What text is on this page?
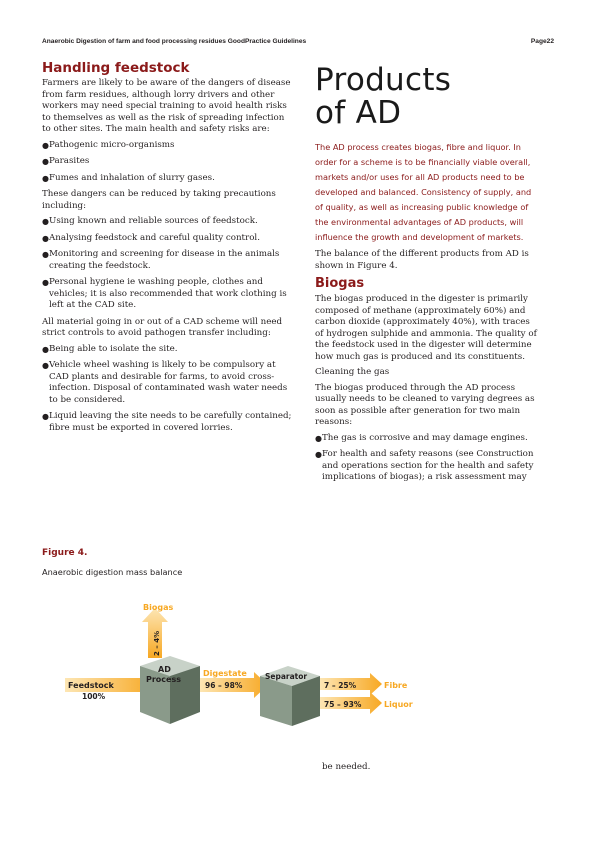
Anaerobic Digestion of farm and food processing residues GoodPractice Guidelines	Page22
Handling feedstock

Farmers are likely to be aware of the dangers of disease from farm residues, although lorry drivers and other workers may need special training to avoid health risks to themselves as well as the risk of spreading infection to other sites. The main health and safety risks are:

● Pathogenic micro-organisms
● Parasites
● Fumes and inhalation of slurry gases.

These dangers can be reduced by taking precautions including:

● Using known and reliable sources of feedstock.
● Analysing feedstock and careful quality control.
● Monitoring and screening for disease in the animals creating the feedstock.
● Personal hygiene ie washing people, clothes and vehicles; it is also recommended that work clothing is left at the CAD site.

All material going in or out of a CAD scheme will need strict controls to avoid pathogen transfer including:

● Being able to isolate the site.
● Vehicle wheel washing is likely to be compulsory at CAD plants and desirable for farms, to avoid cross-infection. Disposal of contaminated wash water needs to be considered.
● Liquid leaving the site needs to be carefully contained; fibre must be exported in covered lorries.
Products
of AD

The AD process creates biogas, fibre and liquor. In order for a scheme is to be financially viable overall, markets and/or uses for all AD products need to be developed and balanced. Consistency of supply, and of quality, as well as increasing public knowledge of the environmental advantages of AD products, will influence the growth and development of markets.

The balance of the different products from AD is shown in Figure 4.

Biogas

The biogas produced in the digester is primarily composed of methane (approximately 60%) and carbon dioxide (approximately 40%), with traces of hydrogen sulphide and ammonia. The quality of the feedstock used in the digester will determine how much gas is produced and its constituents.

Cleaning the gas

The biogas produced through the AD process usually needs to be cleaned to varying degrees as soon as possible after generation for two main reasons:

● The gas is corrosive and may damage engines.
● For health and safety reasons (see Construction and operations section for the health and safety implications of biogas); a risk assessment may
Figure 4.
Anaerobic digestion mass balance
Biogas
2 – 4%
Feedstock
100%
AD
Process
Digestate
96 – 98%
Separator
7 – 25%	Fibre
75 – 93%	Liquor
be needed.
